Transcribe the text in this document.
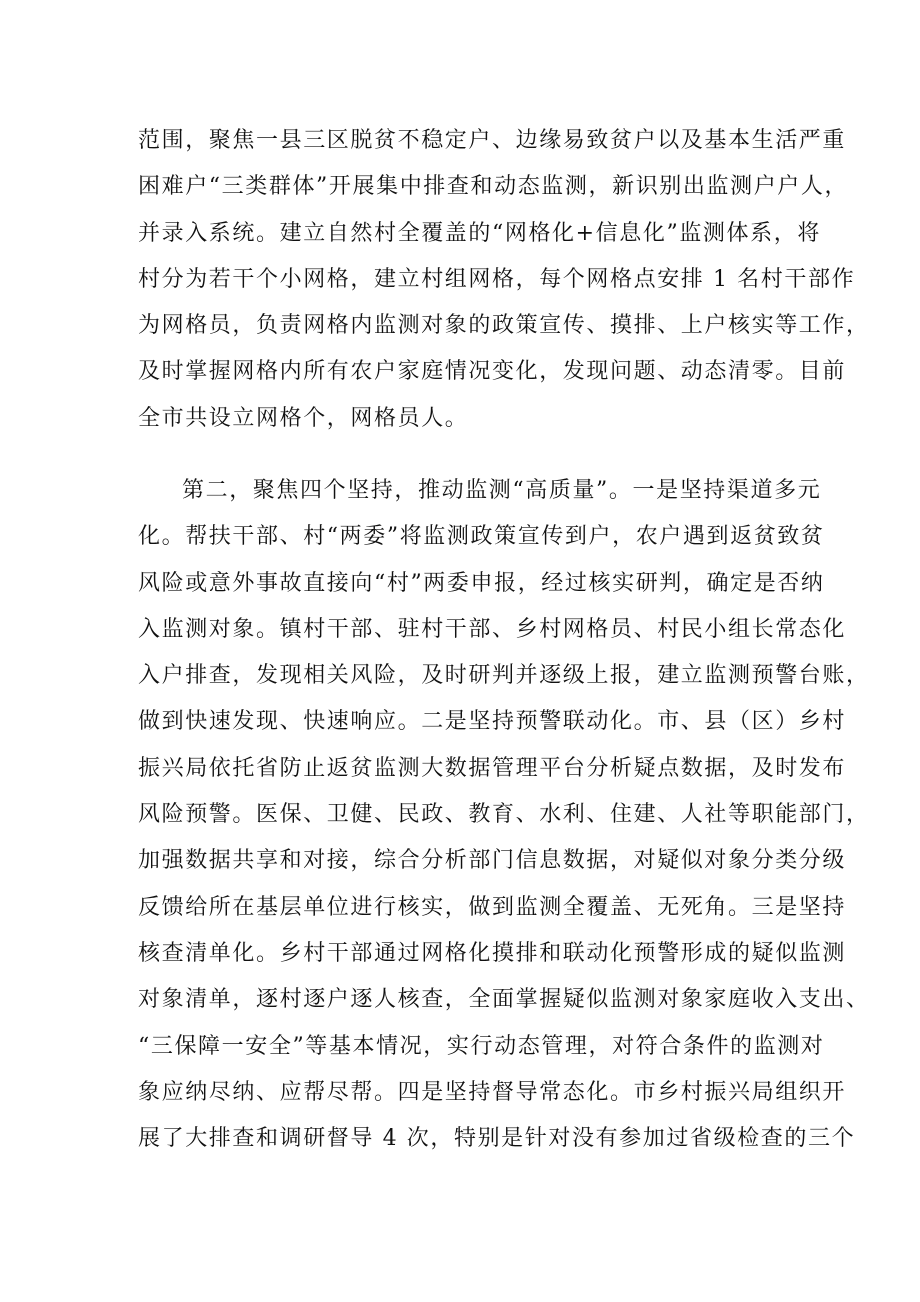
范围，聚焦一县三区脱贫不稳定户、边缘易致贫户以及基本生活严重
困难户“三类群体”开展集中排查和动态监测，新识别出监测户户人，
并录入系统。建立自然村全覆盖的“网格化+信息化”监测体系，将
村分为若干个小网格，建立村组网格，每个网格点安排 1 名村干部作
为网格员，负责网格内监测对象的政策宣传、摸排、上户核实等工作，
及时掌握网格内所有农户家庭情况变化，发现问题、动态清零。目前
全市共设立网格个，网格员人。
第二，聚焦四个坚持，推动监测“高质量”。一是坚持渠道多元
化。帮扶干部、村“两委”将监测政策宣传到户，农户遇到返贫致贫
风险或意外事故直接向“村”两委申报，经过核实研判，确定是否纳
入监测对象。镇村干部、驻村干部、乡村网格员、村民小组长常态化
入户排查，发现相关风险，及时研判并逐级上报，建立监测预警台账，
做到快速发现、快速响应。二是坚持预警联动化。市、县（区）乡村
振兴局依托省防止返贫监测大数据管理平台分析疑点数据，及时发布
风险预警。医保、卫健、民政、教育、水利、住建、人社等职能部门，
加强数据共享和对接，综合分析部门信息数据，对疑似对象分类分级
反馈给所在基层单位进行核实，做到监测全覆盖、无死角。三是坚持
核查清单化。乡村干部通过网格化摸排和联动化预警形成的疑似监测
对象清单，逐村逐户逐人核查，全面掌握疑似监测对象家庭收入支出、
“三保障一安全”等基本情况，实行动态管理，对符合条件的监测对
象应纳尽纳、应帮尽帮。四是坚持督导常态化。市乡村振兴局组织开
展了大排查和调研督导 4 次，特别是针对没有参加过省级检查的三个
